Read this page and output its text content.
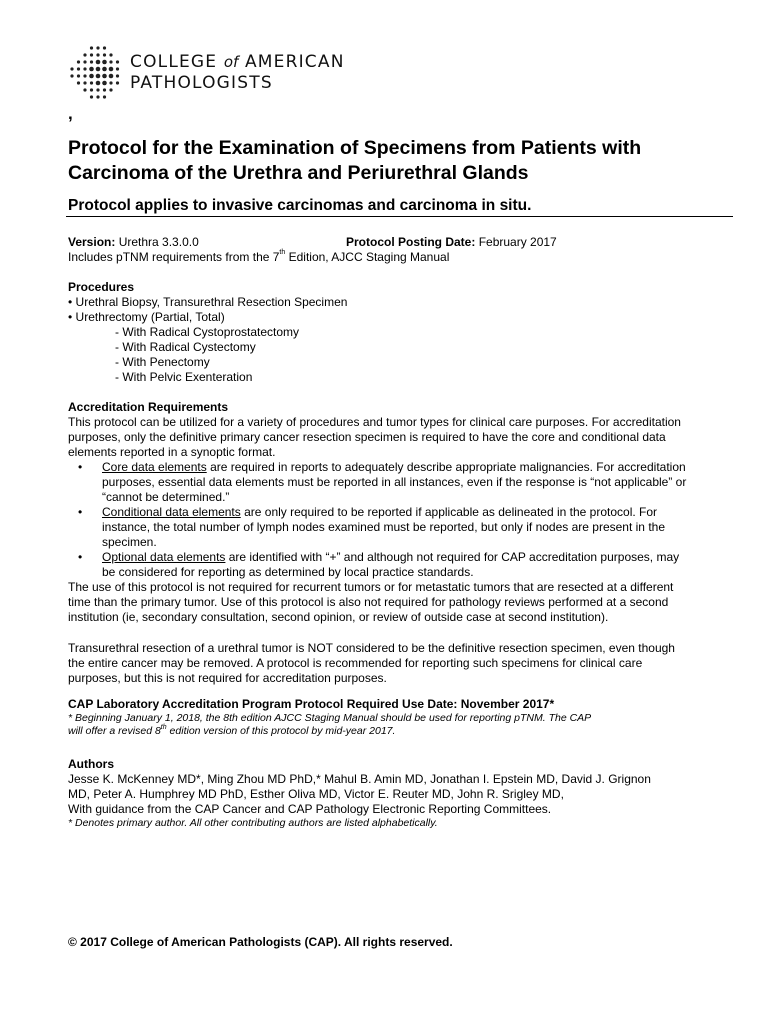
COLLEGE of AMERICAN
PATHOLOGISTS
,
Protocol for the Examination of Specimens from Patients with Carcinoma of the Urethra and Periurethral Glands
Protocol applies to invasive carcinomas and carcinoma in situ.
Version: Urethra 3.3.0.0	Protocol Posting Date: February 2017
Includes pTNM requirements from the 7th Edition, AJCC Staging Manual
Procedures
• Urethral Biopsy, Transurethral Resection Specimen
• Urethrectomy (Partial, Total)
- With Radical Cystoprostatectomy
- With Radical Cystectomy
- With Penectomy
- With Pelvic Exenteration

Accreditation Requirements

This protocol can be utilized for a variety of procedures and tumor types for clinical care purposes. For accreditation purposes, only the definitive primary cancer resection specimen is required to have the core and conditional data elements reported in a synoptic format.

• Core data elements are required in reports to adequately describe appropriate malignancies. For accreditation purposes, essential data elements must be reported in all instances, even if the response is “not applicable” or “cannot be determined.”
• Conditional data elements are only required to be reported if applicable as delineated in the protocol. For instance, the total number of lymph nodes examined must be reported, but only if nodes are present in the specimen.
• Optional data elements are identified with “+” and although not required for CAP accreditation purposes, may be considered for reporting as determined by local practice standards.

The use of this protocol is not required for recurrent tumors or for metastatic tumors that are resected at a different time than the primary tumor. Use of this protocol is also not required for pathology reviews performed at a second institution (ie, secondary consultation, second opinion, or review of outside case at second institution).

Transurethral resection of a urethral tumor is NOT considered to be the definitive resection specimen, even though the entire cancer may be removed. A protocol is recommended for reporting such specimens for clinical care purposes, but this is not required for accreditation purposes.

CAP Laboratory Accreditation Program Protocol Required Use Date: November 2017*
* Beginning January 1, 2018, the 8th edition AJCC Staging Manual should be used for reporting pTNM. The CAP
will offer a revised 8th edition version of this protocol by mid-year 2017.
Authors
Jesse K. McKenney MD*, Ming Zhou MD PhD,* Mahul B. Amin MD, Jonathan I. Epstein MD, David J. Grignon
MD, Peter A. Humphrey MD PhD, Esther Oliva MD, Victor E. Reuter MD, John R. Srigley MD,
With guidance from the CAP Cancer and CAP Pathology Electronic Reporting Committees.
* Denotes primary author. All other contributing authors are listed alphabetically.
© 2017 College of American Pathologists (CAP). All rights reserved.
